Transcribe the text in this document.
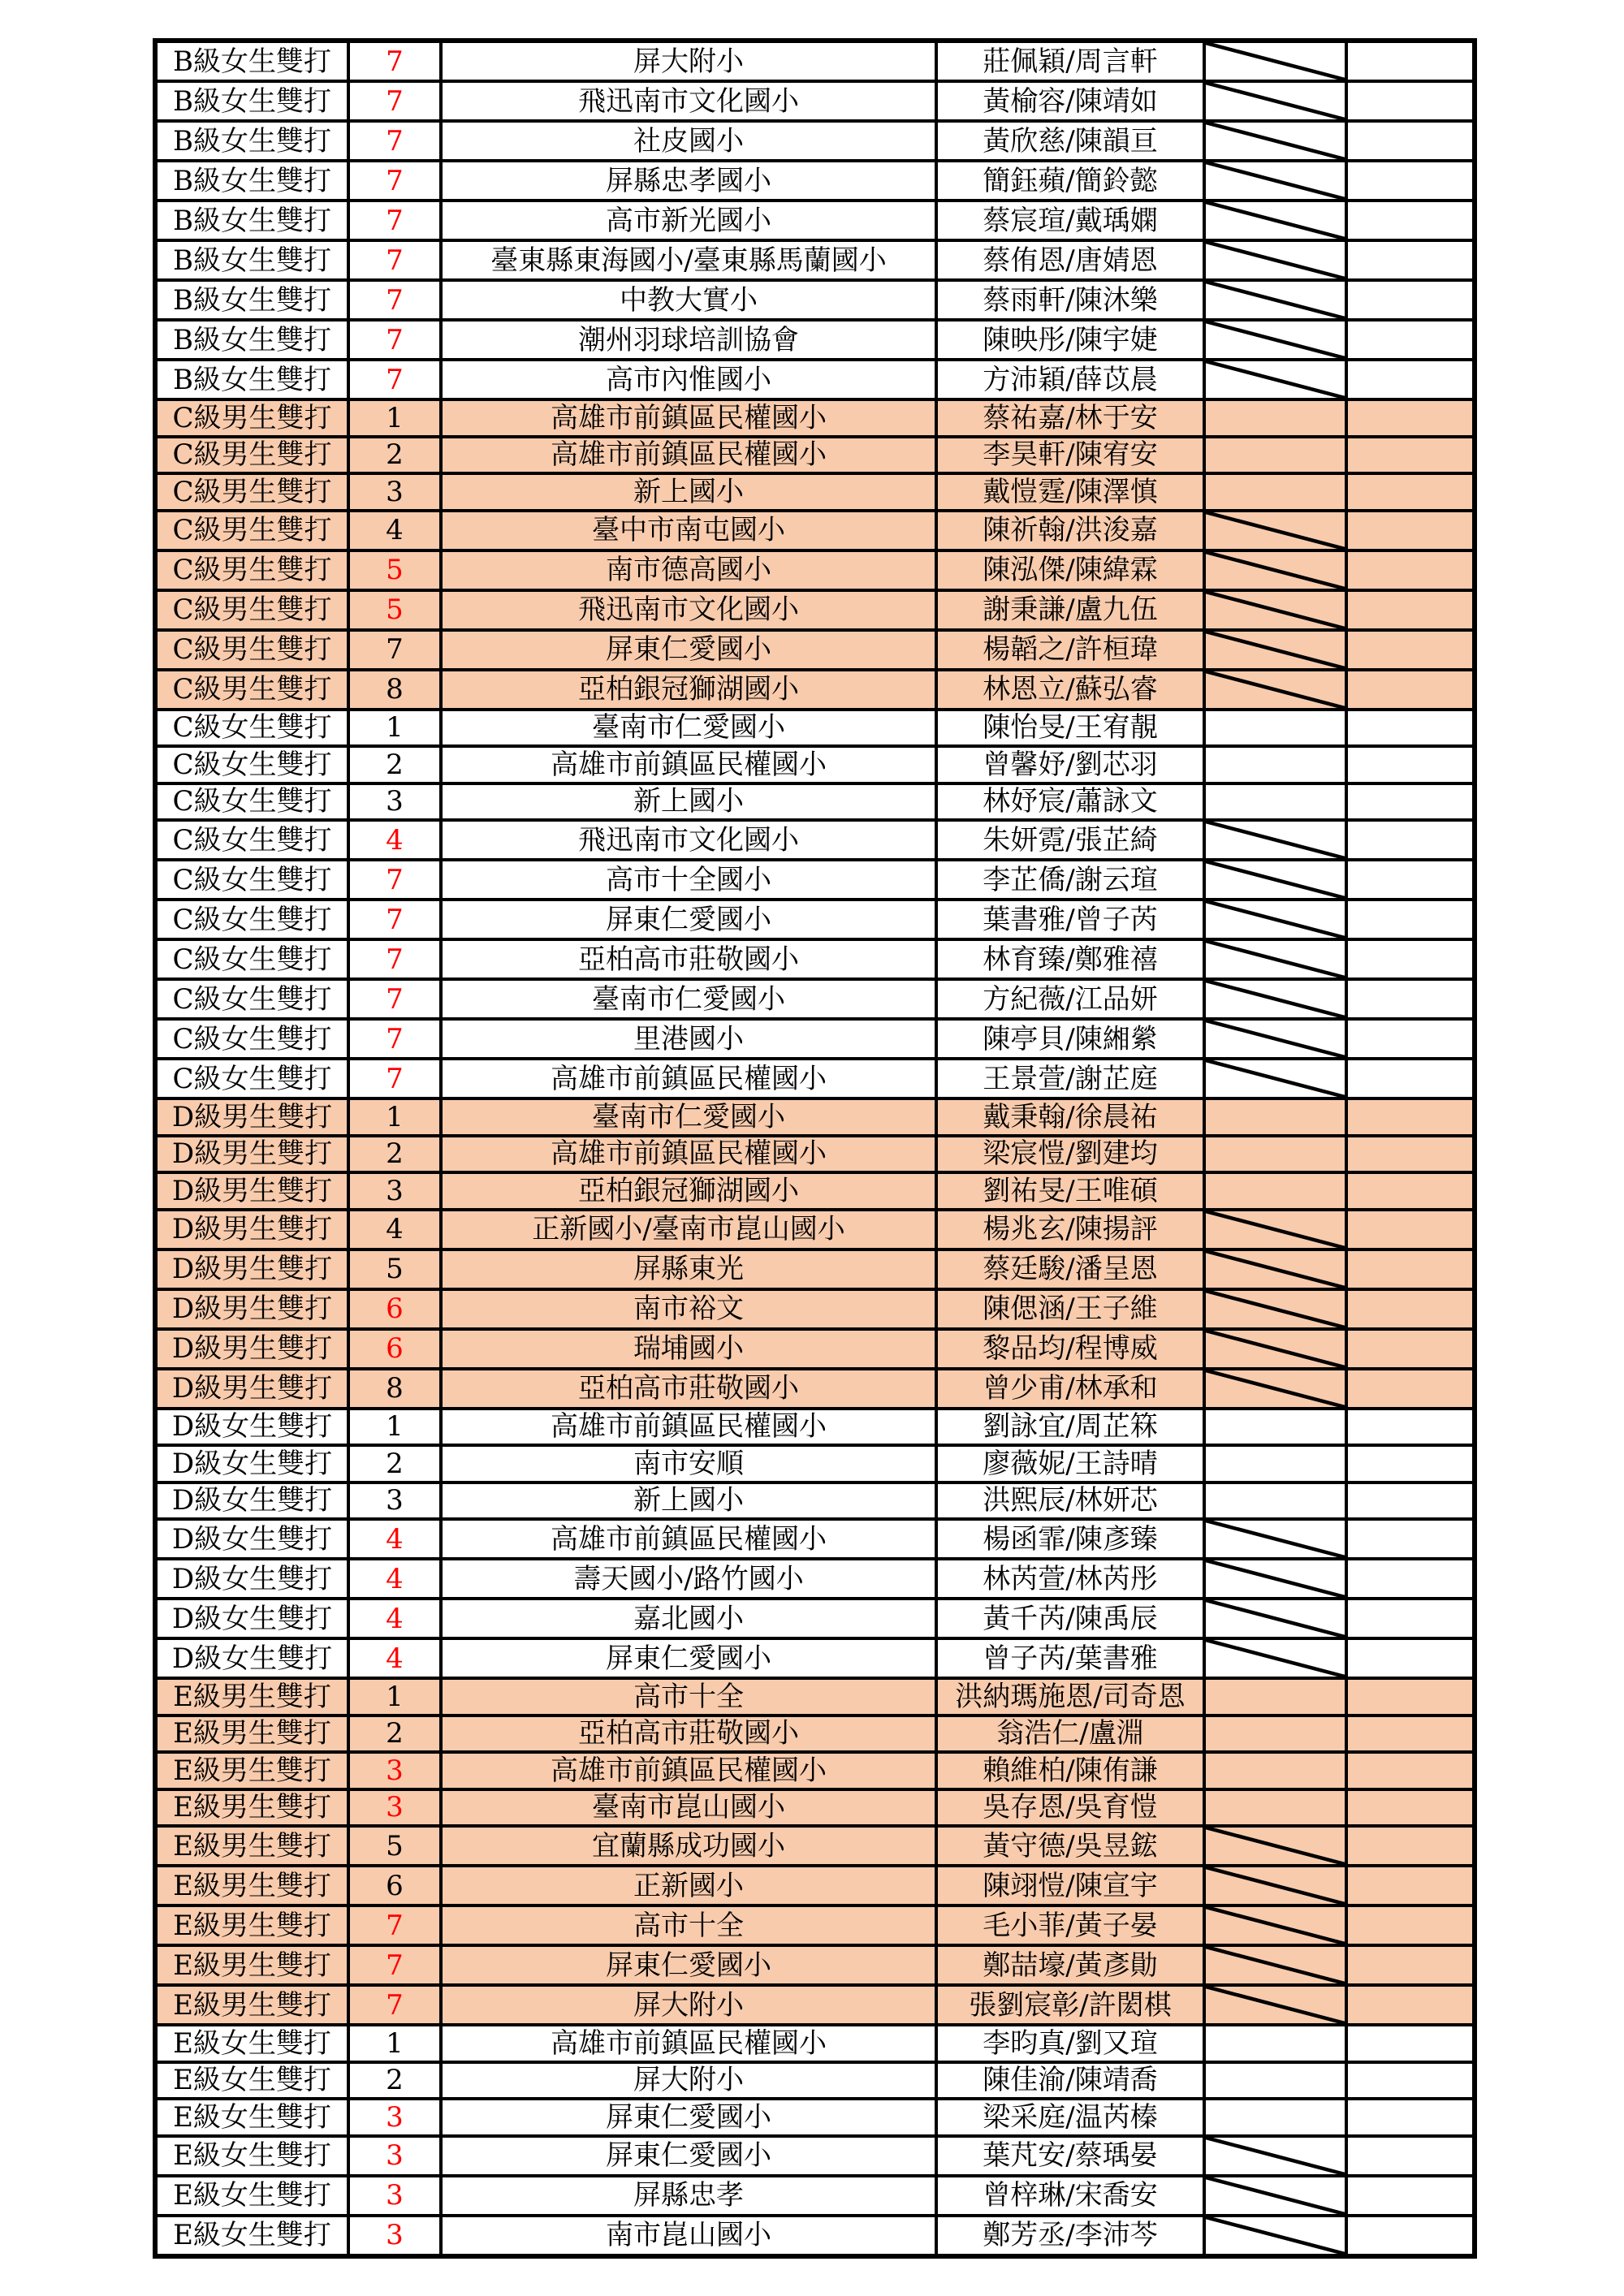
B級女生雙打	7	屏大附小	莊佩穎/周言軒	

B級女生雙打	7	飛迅南市文化國小	黃榆容/陳靖如	

B級女生雙打	7	社皮國小	黃欣慈/陳韻亘	

B級女生雙打	7	屏縣忠孝國小	簡鈺蘋/簡鈴懿	

B級女生雙打	7	高市新光國小	蔡宸瑄/戴瑀嫻	

B級女生雙打	7	臺東縣東海國小/臺東縣馬蘭國小	蔡侑恩/唐婧恩	

B級女生雙打	7	中教大實小	蔡雨軒/陳沐樂	

B級女生雙打	7	潮州羽球培訓協會	陳映彤/陳宇婕	

B級女生雙打	7	高市內惟國小	方沛穎/薛苡晨	

C級男生雙打	1	高雄市前鎮區民權國小	蔡祐嘉/林于安		
C級男生雙打	2	高雄市前鎮區民權國小	李昊軒/陳宥安		
C級男生雙打	3	新上國小	戴愷霆/陳澤慎		
C級男生雙打	4	臺中市南屯國小	陳祈翰/洪浚嘉	

C級男生雙打	5	南市德高國小	陳泓傑/陳緯霖	

C級男生雙打	5	飛迅南市文化國小	謝秉謙/盧九伍	

C級男生雙打	7	屏東仁愛國小	楊韜之/許桓瑋	

C級男生雙打	8	亞柏銀冠獅湖國小	林恩立/蘇弘睿	

C級女生雙打	1	臺南市仁愛國小	陳怡旻/王宥靚		
C級女生雙打	2	高雄市前鎮區民權國小	曾馨妤/劉芯羽		
C級女生雙打	3	新上國小	林妤宸/蕭詠文		
C級女生雙打	4	飛迅南市文化國小	朱妍霓/張芷綺	

C級女生雙打	7	高市十全國小	李芷僑/謝云瑄	

C級女生雙打	7	屏東仁愛國小	葉書雅/曾子芮	

C級女生雙打	7	亞柏高市莊敬國小	林育臻/鄭雅禧	

C級女生雙打	7	臺南市仁愛國小	方紀薇/江品妍	

C級女生雙打	7	里港國小	陳亭貝/陳緗縈	

C級女生雙打	7	高雄市前鎮區民權國小	王景萱/謝芷庭	

D級男生雙打	1	臺南市仁愛國小	戴秉翰/徐晨祐		
D級男生雙打	2	高雄市前鎮區民權國小	梁宸愷/劉建均		
D級男生雙打	3	亞柏銀冠獅湖國小	劉祐旻/王唯碩		
D級男生雙打	4	正新國小/臺南市崑山國小	楊兆玄/陳揚評	

D級男生雙打	5	屏縣東光	蔡廷駿/潘呈恩	

D級男生雙打	6	南市裕文	陳偲涵/王子維	

D級男生雙打	6	瑞埔國小	黎品均/程博威	

D級男生雙打	8	亞柏高市莊敬國小	曾少甫/林承和	

D級女生雙打	1	高雄市前鎮區民權國小	劉詠宜/周芷箖		
D級女生雙打	2	南市安順	廖薇妮/王詩晴		
D級女生雙打	3	新上國小	洪熙辰/林妍芯		
D級女生雙打	4	高雄市前鎮區民權國小	楊函霏/陳彥臻	

D級女生雙打	4	壽天國小/路竹國小	林芮萱/林芮彤	

D級女生雙打	4	嘉北國小	黃千芮/陳禹辰	

D級女生雙打	4	屏東仁愛國小	曾子芮/葉書雅	

E級男生雙打	1	高市十全	洪納瑪施恩/司奇恩		
E級男生雙打	2	亞柏高市莊敬國小	翁浩仁/盧淵		
E級男生雙打	3	高雄市前鎮區民權國小	賴維柏/陳侑謙		
E級男生雙打	3	臺南市崑山國小	吳存恩/吳育愷		
E級男生雙打	5	宜蘭縣成功國小	黃守德/吳昱鋐	

E級男生雙打	6	正新國小	陳翊愷/陳宣宇	

E級男生雙打	7	高市十全	毛小菲/黃子晏	

E級男生雙打	7	屏東仁愛國小	鄭喆壕/黃彥勛	

E級男生雙打	7	屏大附小	張劉宸彰/許閎棋	

E級女生雙打	1	高雄市前鎮區民權國小	李昀真/劉又瑄		
E級女生雙打	2	屏大附小	陳佳渝/陳靖喬		
E級女生雙打	3	屏東仁愛國小	梁采庭/温芮榛		
E級女生雙打	3	屏東仁愛國小	葉芃安/蔡瑀晏	

E級女生雙打	3	屏縣忠孝	曾梓琳/宋喬安	

E級女生雙打	3	南市崑山國小	鄭芳丞/李沛芩	
